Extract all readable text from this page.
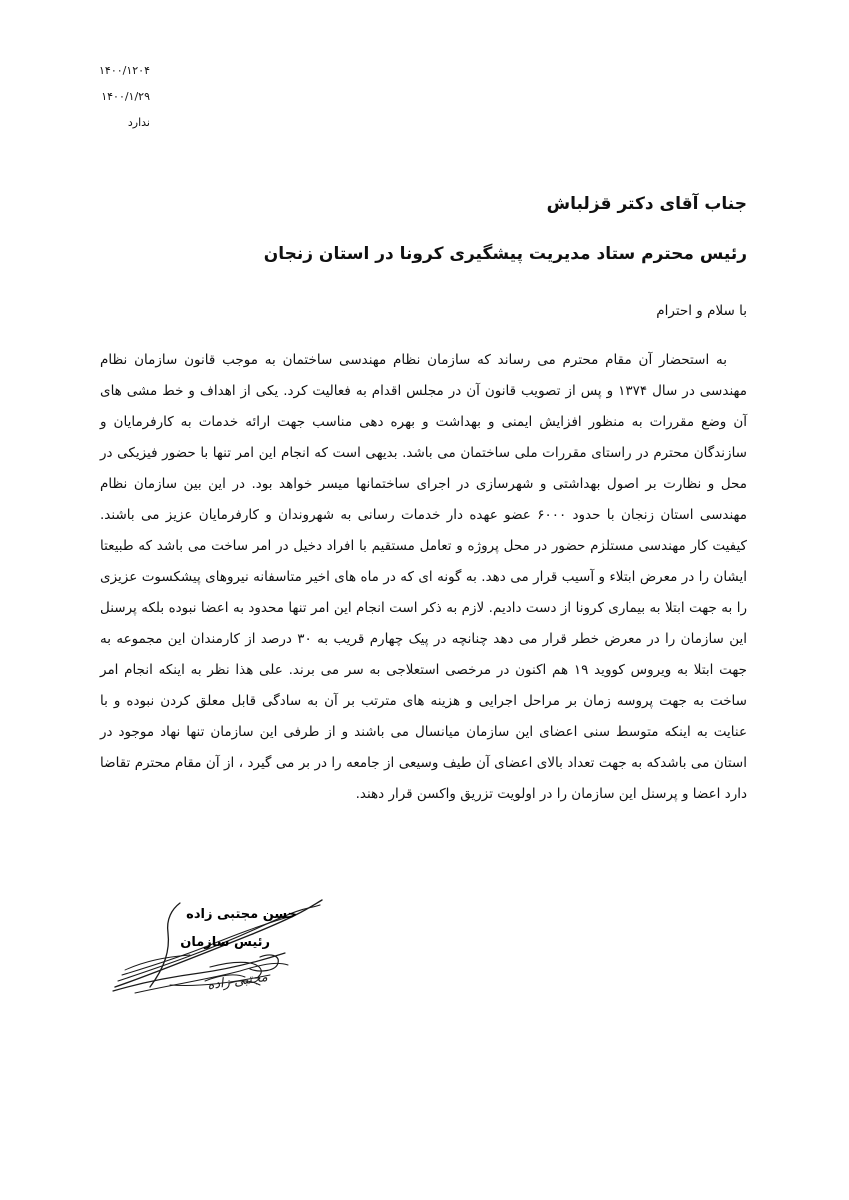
۱۴۰۰/۱۲۰۴
۱۴۰۰/۱/۲۹
ندارد
جناب آقای دکتر قزلباش
رئیس محترم ستاد مدیریت پیشگیری کرونا در استان زنجان
با سلام و احترام
به استحضار آن مقام محترم می رساند که سازمان نظام مهندسی ساختمان به موجب قانون سازمان نظام مهندسی در سال ۱۳۷۴ و پس از تصویب قانون آن در مجلس اقدام به فعالیت کرد. یکی از اهداف و خط مشی های آن وضع مقررات به منظور افزایش ایمنی و بهداشت و بهره دهی مناسب جهت ارائه خدمات به کارفرمایان و سازندگان محترم در راستای مقررات ملی ساختمان می باشد. بدیهی است که انجام این امر تنها با حضور فیزیکی در محل و نظارت بر اصول بهداشتی و شهرسازی در اجرای ساختمانها میسر خواهد بود. در این بین سازمان نظام مهندسی استان زنجان با حدود ۶۰۰۰ عضو عهده دار خدمات رسانی به شهروندان و کارفرمایان عزیز می باشند. کیفیت کار مهندسی مستلزم حضور در محل پروژه و تعامل مستقیم با افراد دخیل در امر ساخت می باشد که طبیعتا ایشان را در معرض ابتلاء و آسیب قرار می دهد. به گونه ای که در ماه های اخیر متاسفانه نیروهای پیشکسوت عزیزی را به جهت ابتلا به بیماری کرونا از دست دادیم. لازم به ذکر است انجام این امر تنها محدود به اعضا نبوده بلکه پرسنل این سازمان را در معرض خطر قرار می دهد چنانچه در پیک چهارم قریب به ۳۰ درصد از کارمندان این مجموعه به جهت ابتلا به ویروس کووید ۱۹ هم اکنون در مرخصی استعلاجی به سر می برند. علی هذا نظر به اینکه انجام امر ساخت به جهت پروسه زمان بر مراحل اجرایی و هزینه های مترتب بر آن به سادگی قابل معلق کردن نبوده و با عنایت به اینکه متوسط سنی اعضای این سازمان میانسال می باشند و از طرفی این سازمان تنها نهاد موجود در استان می باشدکه به جهت تعداد بالای اعضای آن طیف وسیعی از جامعه را در بر می گیرد ، از آن مقام محترم تقاضا دارد اعضا و پرسنل این سازمان را در اولویت تزریق واکسن قرار دهند.
مجتبی زاده
حسن مجتبی زاده
رئیس سازمان
